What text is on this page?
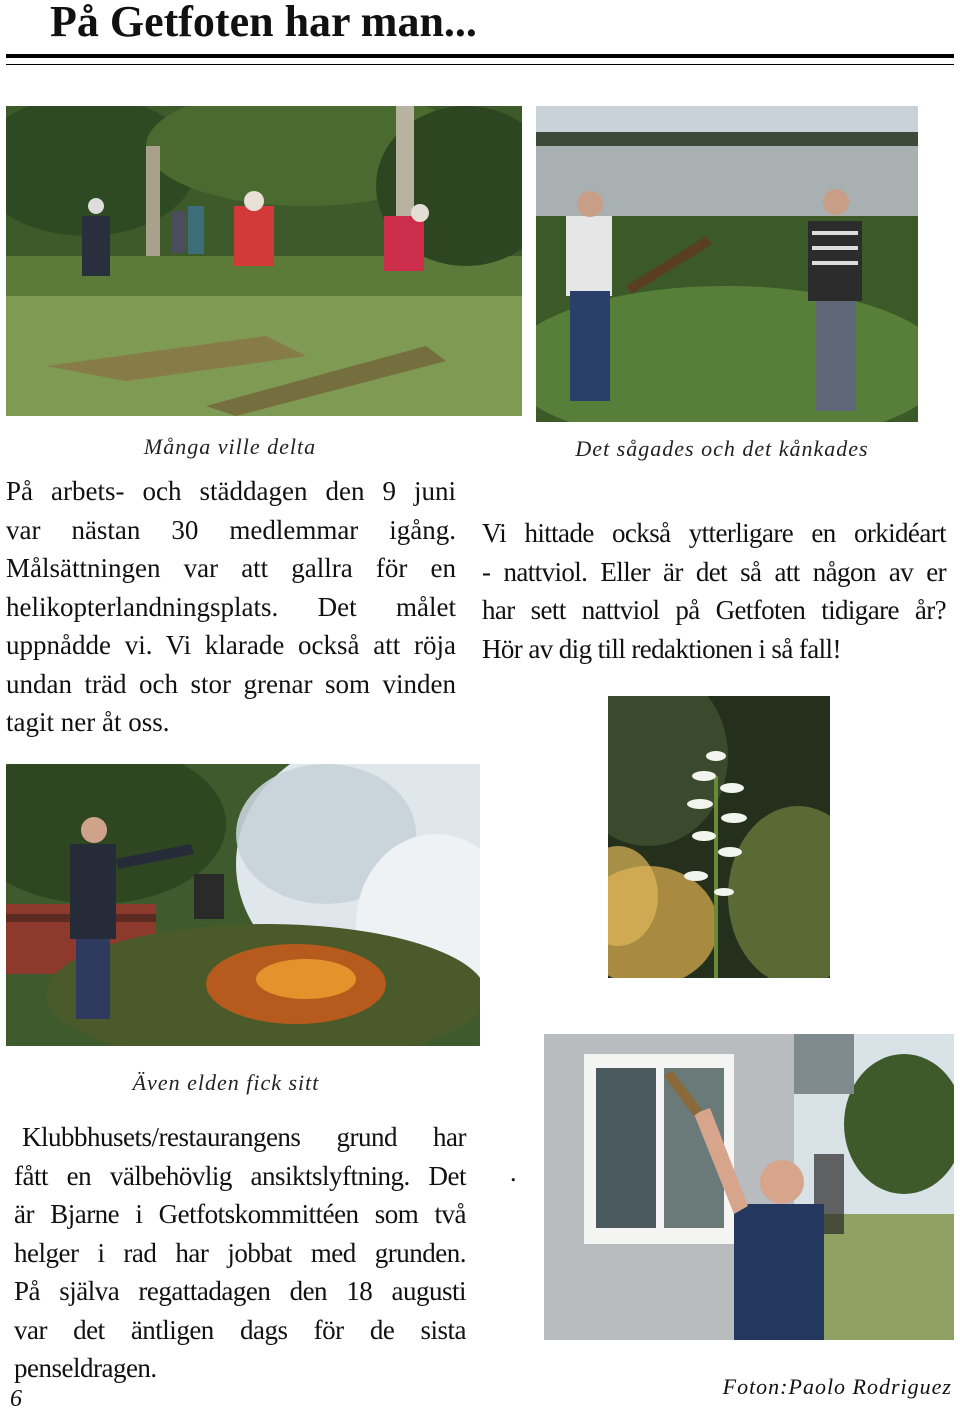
På Getfoten har man...
Många ville delta	Det sågades och det kånkades
På arbets- och städdagen den 9 juni
var nästan 30 medlemmar igång.
Målsättningen var att gallra för en
helikopterlandningsplats. Det målet
uppnådde vi. Vi klarade också att röja
undan träd och stor grenar som vinden
tagit ner åt oss.
Vi hittade också ytterligare en orkidéart
- nattviol. Eller är det så att någon av er
har sett nattviol på Getfoten tidigare år?
Hör av dig till redaktionen i så fall!
Även elden fick sitt
Klubbhusets/restaurangens grund har
fått en välbehövlig ansiktslyftning. Det
är Bjarne i Getfotskommittéen som två
helger i rad har jobbat med grunden.
På själva regattadagen den 18 augusti
var det äntligen dags för de sista
penseldragen.
.
6	Foton:Paolo Rodriguez
